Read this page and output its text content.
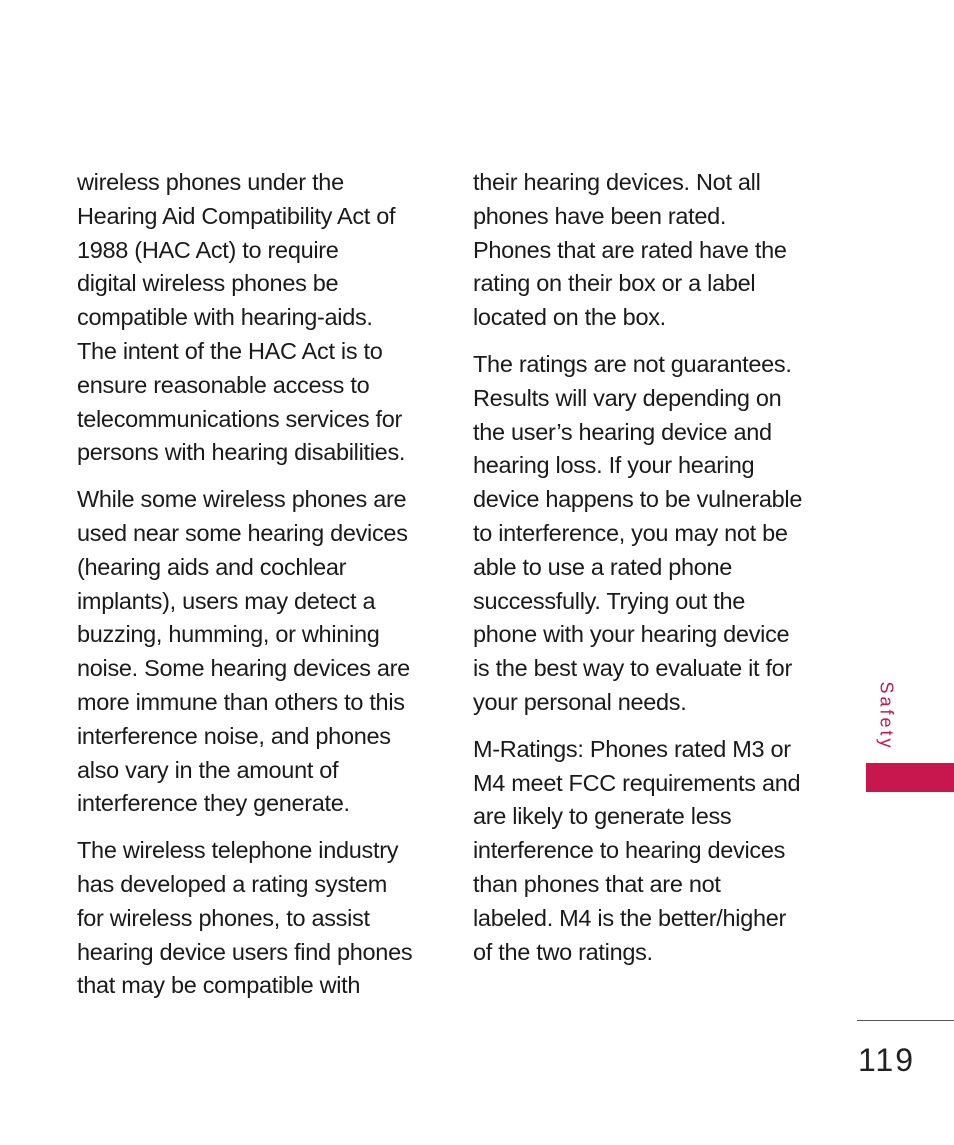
wireless phones under the
Hearing Aid Compatibility Act of
1988 (HAC Act) to require
digital wireless phones be
compatible with hearing-aids.
The intent of the HAC Act is to
ensure reasonable access to
telecommunications services for
persons with hearing disabilities.

While some wireless phones are
used near some hearing devices
(hearing aids and cochlear
implants), users may detect a
buzzing, humming, or whining
noise. Some hearing devices are
more immune than others to this
interference noise, and phones
also vary in the amount of
interference they generate.

The wireless telephone industry
has developed a rating system
for wireless phones, to assist
hearing device users find phones
that may be compatible with

their hearing devices. Not all
phones have been rated.
Phones that are rated have the
rating on their box or a label
located on the box.

The ratings are not guarantees.
Results will vary depending on
the user’s hearing device and
hearing loss. If your hearing
device happens to be vulnerable
to interference, you may not be
able to use a rated phone
successfully. Trying out the
phone with your hearing device
is the best way to evaluate it for
your personal needs.

M-Ratings: Phones rated M3 or
M4 meet FCC requirements and
are likely to generate less
interference to hearing devices
than phones that are not
labeled. M4 is the better/higher
of the two ratings.

Safety
119
